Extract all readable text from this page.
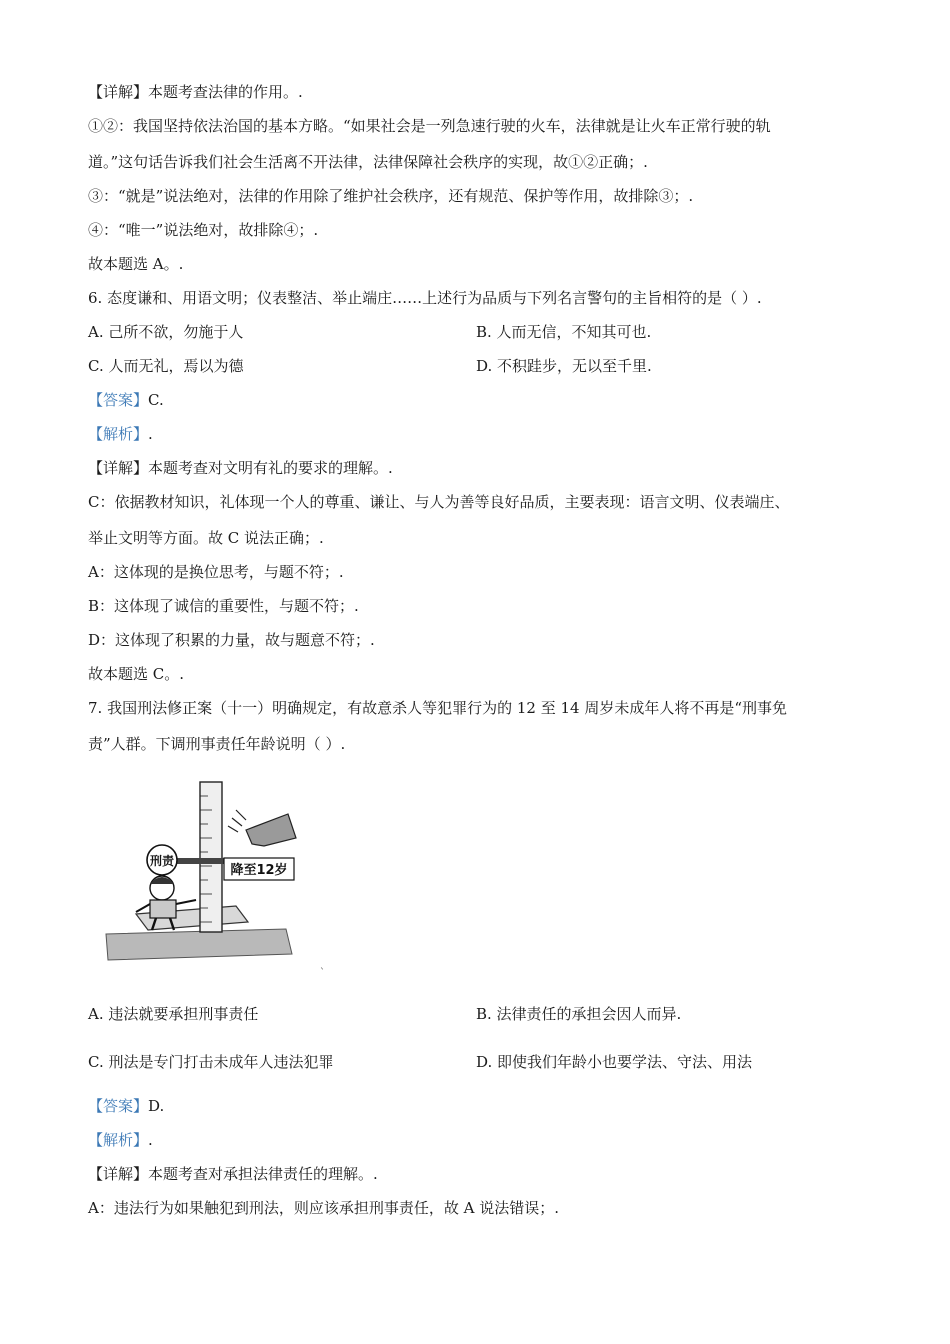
【详解】本题考查法律的作用。.
①②：我国坚持依法治国的基本方略。“如果社会是一列急速行驶的火车，法律就是让火车正常行驶的轨
道。”这句话告诉我们社会生活离不开法律，法律保障社会秩序的实现，故①②正确；.
③：“就是”说法绝对，法律的作用除了维护社会秩序，还有规范、保护等作用，故排除③；.
④：“唯一”说法绝对，故排除④；.
故本题选 A。.
6. 态度谦和、用语文明；仪表整洁、举止端庄……上述行为品质与下列名言警句的主旨相符的是（ ）.
A. 己所不欲，勿施于人	B. 人而无信，不知其可也.
C. 人而无礼，焉以为德	D. 不积跬步，无以至千里.
【答案】C.
【解析】.
【详解】本题考查对文明有礼的要求的理解。.
C：依据教材知识，礼体现一个人的尊重、谦让、与人为善等良好品质，主要表现：语言文明、仪表端庄、
举止文明等方面。故 C 说法正确；.
A：这体现的是换位思考，与题不符；.
B：这体现了诚信的重要性，与题不符；.
D：这体现了积累的力量，故与题意不符；.
故本题选 C。.
7. 我国刑法修正案（十一）明确规定，有故意杀人等犯罪行为的 12 至 14 周岁未成年人将不再是“刑事免
责”人群。下调刑事责任年龄说明（ ）.
刑责
降至12岁
`
A. 违法就要承担刑事责任	B. 法律责任的承担会因人而异.
C. 刑法是专门打击未成年人违法犯罪	D. 即使我们年龄小也要学法、守法、用法
【答案】D.
【解析】.
【详解】本题考查对承担法律责任的理解。.
A：违法行为如果触犯到刑法，则应该承担刑事责任，故 A 说法错误；.
